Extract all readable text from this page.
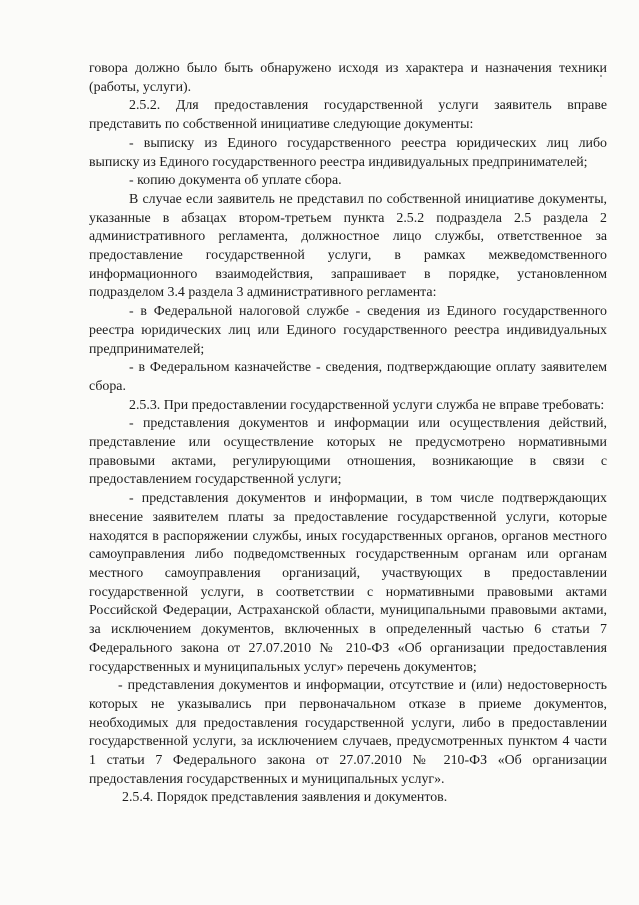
говора должно было быть обнаружено исходя из характера и назначения техники (работы, услуги).

2.5.2. Для предоставления государственной услуги заявитель вправе представить по собственной инициативе следующие документы:

- выписку из Единого государственного реестра юридических лиц либо выписку из Единого государственного реестра индивидуальных предпринимателей;

- копию документа об уплате сбора.

В случае если заявитель не представил по собственной инициативе документы, указанные в абзацах втором-третьем пункта 2.5.2 подраздела 2.5 раздела 2 административного регламента, должностное лицо службы, ответственное за предоставление государственной услуги, в рамках межведомственного информационного взаимодействия, запрашивает в порядке, установленном подразделом 3.4 раздела 3 административного регламента:

- в Федеральной налоговой службе - сведения из Единого государственного реестра юридических лиц или Единого государственного реестра индивидуальных предпринимателей;

- в Федеральном казначействе - сведения, подтверждающие оплату заявителем сбора.

2.5.3. При предоставлении государственной услуги служба не вправе требовать:

- представления документов и информации или осуществления действий, представление или осуществление которых не предусмотрено нормативными правовыми актами, регулирующими отношения, возникающие в связи с предоставлением государственной услуги;

- представления документов и информации, в том числе подтверждающих внесение заявителем платы за предоставление государственной услуги, которые находятся в распоряжении службы, иных государственных органов, органов местного самоуправления либо подведомственных государственным органам или органам местного самоуправления организаций, участвующих в предоставлении государственной услуги, в соответствии с нормативными правовыми актами Российской Федерации, Астраханской области, муниципальными правовыми актами, за исключением документов, включенных в определенный частью 6 статьи 7 Федерального закона от 27.07.2010 № 210-ФЗ «Об организации предоставления государственных и муниципальных услуг» перечень документов;

- представления документов и информации, отсутствие и (или) недостоверность которых не указывались при первоначальном отказе в приеме документов, необходимых для предоставления государственной услуги, либо в предоставлении государственной услуги, за исключением случаев, предусмотренных пунктом 4 части 1 статьи 7 Федерального закона от 27.07.2010 № 210-ФЗ «Об организации предоставления государственных и муниципальных услуг».

2.5.4. Порядок представления заявления и документов.
